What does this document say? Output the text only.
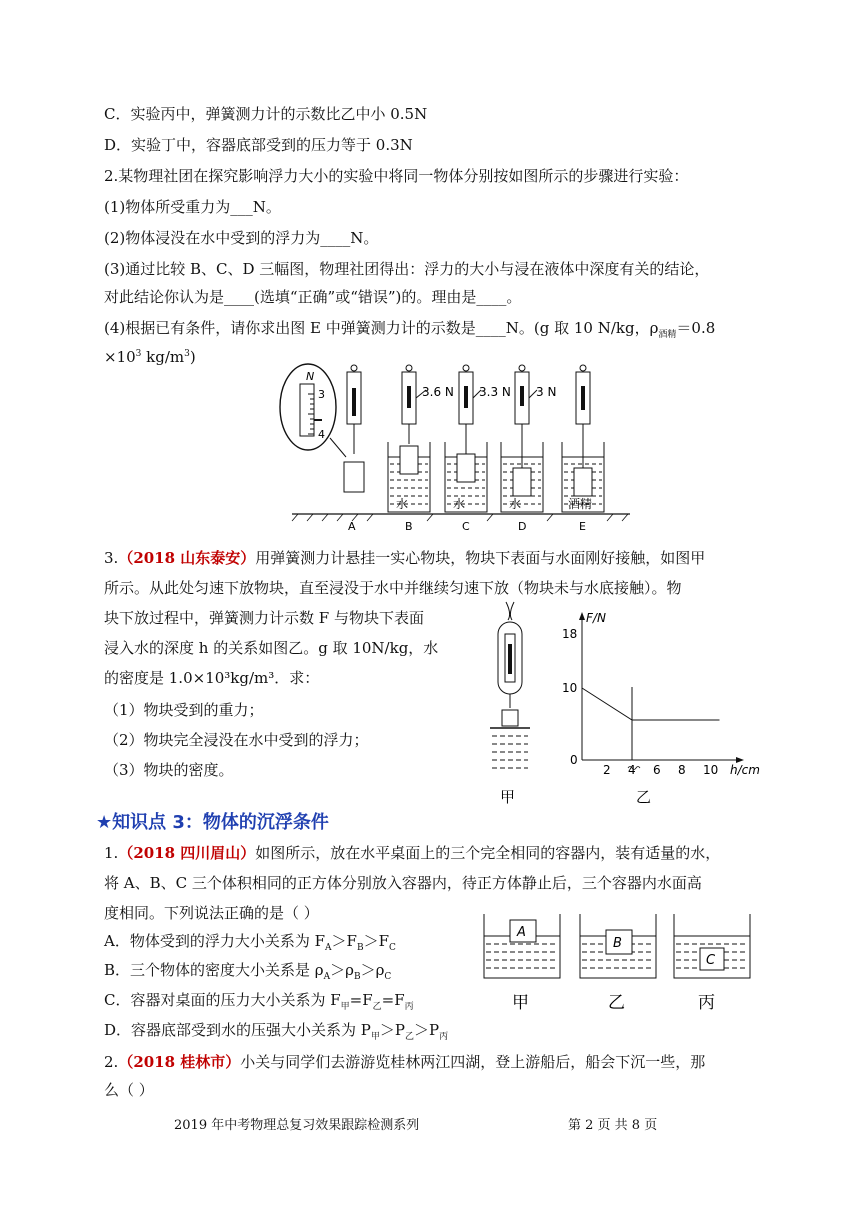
C．实验丙中，弹簧测力计的示数比乙中小 0.5N
D．实验丁中，容器底部受到的压力等于 0.3N
2.某物理社团在探究影响浮力大小的实验中将同一物体分别按如图所示的步骤进行实验：
(1)物体所受重力为___N。
(2)物体浸没在水中受到的浮力为____N。
(3)通过比较 B、C、D 三幅图，物理社团得出：浮力的大小与浸在液体中深度有关的结论，
对此结论你认为是____(选填“正确”或“错误”)的。理由是____。
(4)根据已有条件，请你求出图 E 中弹簧测力计的示数是____N。(g 取 10 N/kg，$\rho_{酒精}=0.8$
$\times 10^3$ $kg/m^3$)
N
3
4
3.6 N 3.3 N 3 N
水	水	水	酒精
A	B	C	D	E
3.（2018 山东泰安）用弹簧测力计悬挂一实心物块，物块下表面与水面刚好接触，如图甲
所示。从此处匀速下放物块，直至浸没于水中并继续匀速下放（物块未与水底接触）。物
块下放过程中，弹簧测力计示数 F 与物块下表面
浸入水的深度 h 的关系如图乙。g 取 10N/kg，水
的密度是 1.0×10³kg/m³．求：
（1）物块受到的重力；
（2）物块完全浸没在水中受到的浮力；
（3）物块的密度。
甲
F/N
h/cm
18
10
0
2 4 6 8 10
乙
★知识点 3：物体的沉浮条件
1.（2018 四川眉山）如图所示，放在水平桌面上的三个完全相同的容器内，装有适量的水，
将 A、B、C 三个体积相同的正方体分别放入容器内，待正方体静止后，三个容器内水面高
度相同。下列说法正确的是（ ）
A．物体受到的浮力大小关系为 $F_A>F_B>F_C$
B．三个物体的密度大小关系是 $\rho_A>\rho_B>\rho_C$
C．容器对桌面的压力大小关系为 $F_甲=F_乙=F_丙$
D．容器底部受到水的压强大小关系为 $P_甲>P_乙>P_丙$
A
B
C
甲	乙	丙
2.（2018 桂林市）小关与同学们去游游览桂林两江四湖，登上游船后，船会下沉一些，那
么（ ）
2019 年中考物理总复习效果跟踪检测系列	第 2 页 共 8 页
